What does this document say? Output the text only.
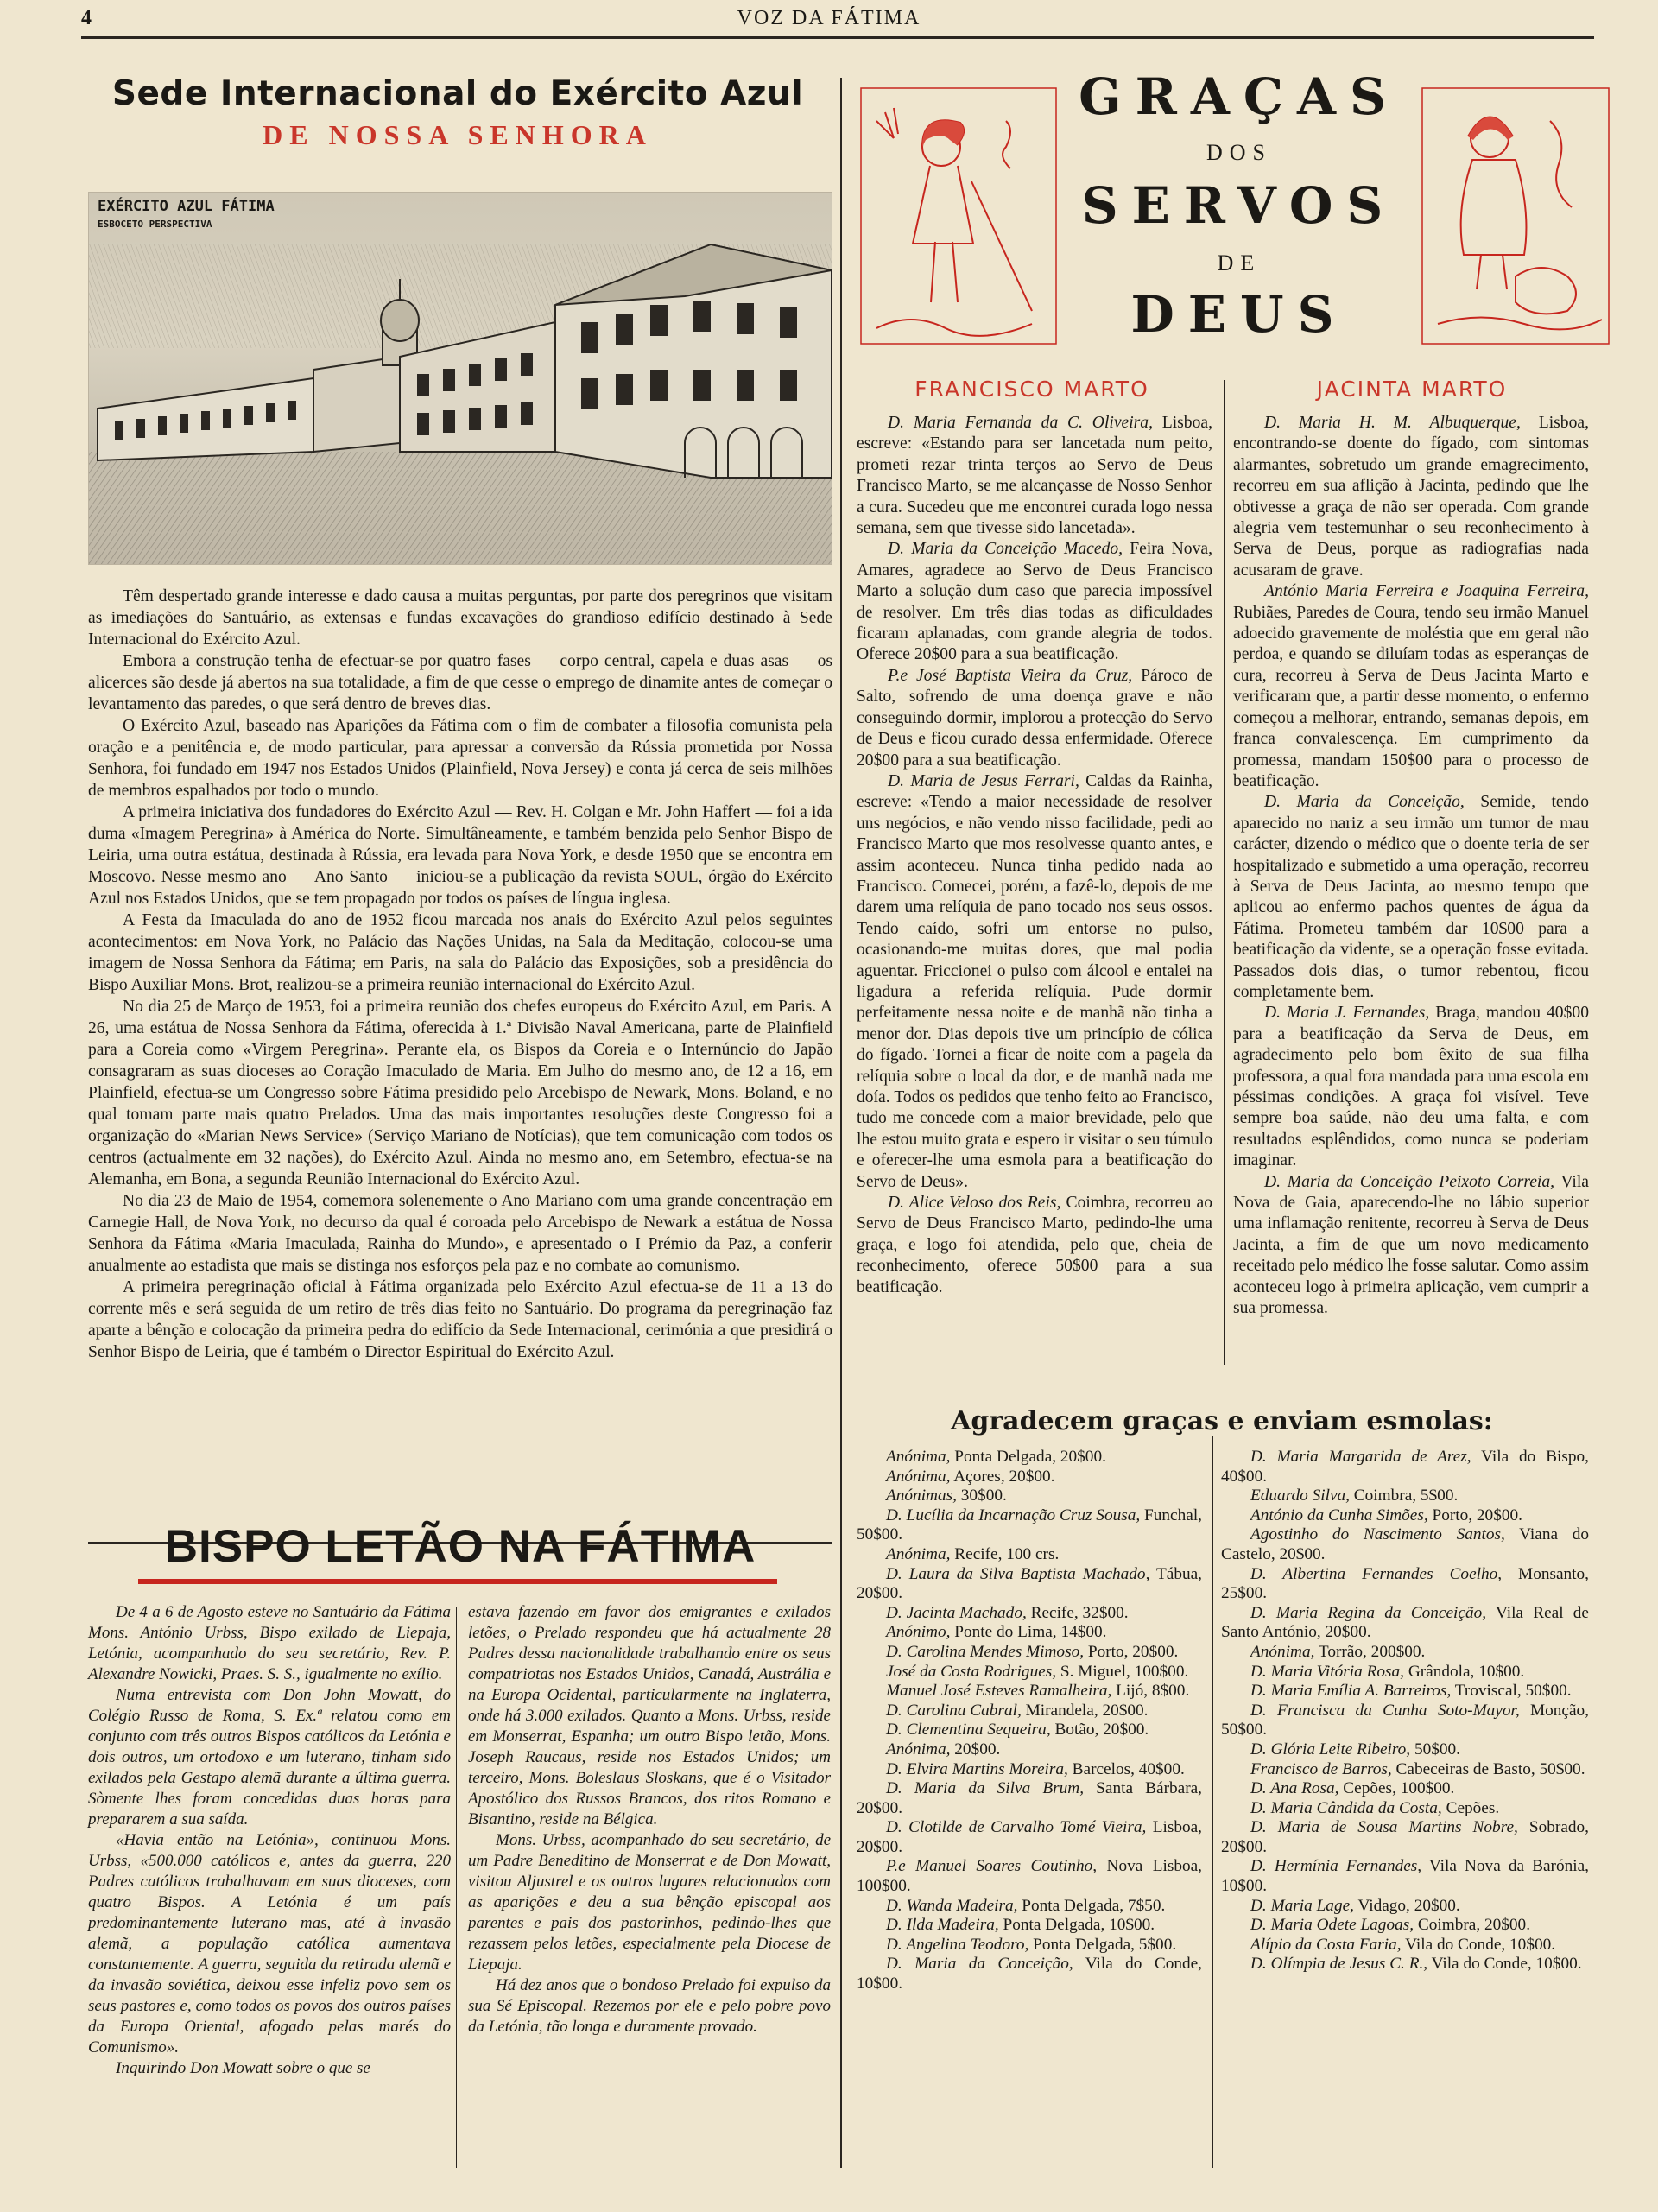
4	VOZ DA FÁTIMA
Sede Internacional do Exército Azul
DE NOSSA SENHORA
EXÉRCITO AZUL FÁTIMA
ESBOCETO PERSPECTIVA

Têm despertado grande interesse e dado causa a muitas perguntas, por parte dos peregrinos que visitam as imediações do Santuário, as extensas e fundas excavações do grandioso edifício destinado à Sede Internacional do Exército Azul.

Embora a construção tenha de efectuar-se por quatro fases — corpo central, capela e duas asas — os alicerces são desde já abertos na sua totalidade, a fim de que cesse o emprego de dinamite antes de começar o levantamento das paredes, o que será dentro de breves dias.

O Exército Azul, baseado nas Aparições da Fátima com o fim de combater a filosofia comunista pela oração e a penitência e, de modo particular, para apressar a conversão da Rússia prometida por Nossa Senhora, foi fundado em 1947 nos Estados Unidos (Plainfield, Nova Jersey) e conta já cerca de seis milhões de membros espalhados por todo o mundo.

A primeira iniciativa dos fundadores do Exército Azul — Rev. H. Colgan e Mr. John Haffert — foi a ida duma «Imagem Peregrina» à América do Norte. Simultâneamente, e também benzida pelo Senhor Bispo de Leiria, uma outra estátua, destinada à Rússia, era levada para Nova York, e desde 1950 que se encontra em Moscovo. Nesse mesmo ano — Ano Santo — iniciou-se a publicação da revista SOUL, órgão do Exército Azul nos Estados Unidos, que se tem propagado por todos os países de língua inglesa.

A Festa da Imaculada do ano de 1952 ficou marcada nos anais do Exército Azul pelos seguintes acontecimentos: em Nova York, no Palácio das Nações Unidas, na Sala da Meditação, colocou-se uma imagem de Nossa Senhora da Fátima; em Paris, na sala do Palácio das Exposições, sob a presidência do Bispo Auxiliar Mons. Brot, realizou-se a primeira reunião internacional do Exército Azul.

No dia 25 de Março de 1953, foi a primeira reunião dos chefes europeus do Exército Azul, em Paris. A 26, uma estátua de Nossa Senhora da Fátima, oferecida à 1.ª Divisão Naval Americana, parte de Plainfield para a Coreia como «Virgem Peregrina». Perante ela, os Bispos da Coreia e o Internúncio do Japão consagraram as suas dioceses ao Coração Imaculado de Maria. Em Julho do mesmo ano, de 12 a 16, em Plainfield, efectua-se um Congresso sobre Fátima presidido pelo Arcebispo de Newark, Mons. Boland, e no qual tomam parte mais quatro Prelados. Uma das mais importantes resoluções deste Congresso foi a organização do «Marian News Service» (Serviço Mariano de Notícias), que tem comunicação com todos os centros (actualmente em 32 nações), do Exército Azul. Ainda no mesmo ano, em Setembro, efectua-se na Alemanha, em Bona, a segunda Reunião Internacional do Exército Azul.

No dia 23 de Maio de 1954, comemora solenemente o Ano Mariano com uma grande concentração em Carnegie Hall, de Nova York, no decurso da qual é coroada pelo Arcebispo de Newark a estátua de Nossa Senhora da Fátima «Maria Imaculada, Rainha do Mundo», e apresentado o I Prémio da Paz, a conferir anualmente ao estadista que mais se distinga nos esforços pela paz e no combate ao comunismo.

A primeira peregrinação oficial à Fátima organizada pelo Exército Azul efectua-se de 11 a 13 do corrente mês e será seguida de um retiro de três dias feito no Santuário. Do programa da peregrinação faz aparte a bênção e colocação da primeira pedra do edifício da Sede Internacional, cerimónia a que presidirá o Senhor Bispo de Leiria, que é também o Director Espiritual do Exército Azul.

BISPO LETÃO NA FÁTIMA

De 4 a 6 de Agosto esteve no Santuário da Fátima Mons. António Urbss, Bispo exilado de Liepaja, Letónia, acompanhado do seu secretário, Rev. P. Alexandre Nowicki, Praes. S. S., igualmente no exílio.

Numa entrevista com Don John Mowatt, do Colégio Russo de Roma, S. Ex.ª relatou como em conjunto com três outros Bispos católicos da Letónia e dois outros, um ortodoxo e um luterano, tinham sido exilados pela Gestapo alemã durante a última guerra. Sòmente lhes foram concedidas duas horas para prepararem a sua saída.

«Havia então na Letónia», continuou Mons. Urbss, «500.000 católicos e, antes da guerra, 220 Padres católicos trabalhavam em suas dioceses, com quatro Bispos. A Letónia é um país predominantemente luterano mas, até à invasão alemã, a população católica aumentava constantemente. A guerra, seguida da retirada alemã e da invasão soviética, deixou esse infeliz povo sem os seus pastores e, como todos os povos dos outros países da Europa Oriental, afogado pelas marés do Comunismo».

Inquirindo Don Mowatt sobre o que se

estava fazendo em favor dos emigrantes e exilados letões, o Prelado respondeu que há actualmente 28 Padres dessa nacionalidade trabalhando entre os seus compatriotas nos Estados Unidos, Canadá, Austrália e na Europa Ocidental, particularmente na Inglaterra, onde há 3.000 exilados. Quanto a Mons. Urbss, reside em Monserrat, Espanha; um outro Bispo letão, Mons. Joseph Raucaus, reside nos Estados Unidos; um terceiro, Mons. Boleslaus Sloskans, que é o Visitador Apostólico dos Russos Brancos, dos ritos Romano e Bisantino, reside na Bélgica.

Mons. Urbss, acompanhado do seu secretário, de um Padre Beneditino de Monserrat e de Don Mowatt, visitou Aljustrel e os outros lugares relacionados com as aparições e deu a sua bênção episcopal aos parentes e pais dos pastorinhos, pedindo-lhes que rezassem pelos letões, especialmente pela Diocese de Liepaja.

Há dez anos que o bondoso Prelado foi expulso da sua Sé Episcopal. Rezemos por ele e pelo pobre povo da Letónia, tão longa e duramente provado.

GRAÇAS
DOS
SERVOS
DE
DEUS
FRANCISCO MARTO	JACINTA MARTO

D. Maria Fernanda da C. Oliveira, Lisboa, escreve: «Estando para ser lancetada num peito, prometi rezar trinta terços ao Servo de Deus Francisco Marto, se me alcançasse de Nosso Senhor a cura. Sucedeu que me encontrei curada logo nessa semana, sem que tivesse sido lancetada».

D. Maria da Conceição Macedo, Feira Nova, Amares, agradece ao Servo de Deus Francisco Marto a solução dum caso que parecia impossível de resolver. Em três dias todas as dificuldades ficaram aplanadas, com grande alegria de todos. Oferece 20$00 para a sua beatificação.

P.e José Baptista Vieira da Cruz, Pároco de Salto, sofrendo de uma doença grave e não conseguindo dormir, implorou a protecção do Servo de Deus e ficou curado dessa enfermidade. Oferece 20$00 para a sua beatificação.

D. Maria de Jesus Ferrari, Caldas da Rainha, escreve: «Tendo a maior necessidade de resolver uns negócios, e não vendo nisso facilidade, pedi ao Francisco Marto que mos resolvesse quanto antes, e assim aconteceu. Nunca tinha pedido nada ao Francisco. Comecei, porém, a fazê-lo, depois de me darem uma relíquia de pano tocado nos seus ossos. Tendo caído, sofri um entorse no pulso, ocasionando-me muitas dores, que mal podia aguentar. Friccionei o pulso com álcool e entalei na ligadura a referida relíquia. Pude dormir perfeitamente nessa noite e de manhã não tinha a menor dor. Dias depois tive um princípio de cólica do fígado. Tornei a ficar de noite com a pagela da relíquia sobre o local da dor, e de manhã nada me doía. Todos os pedidos que tenho feito ao Francisco, tudo me concede com a maior brevidade, pelo que lhe estou muito grata e espero ir visitar o seu túmulo e oferecer-lhe uma esmola para a beatificação do Servo de Deus».

D. Alice Veloso dos Reis, Coimbra, recorreu ao Servo de Deus Francisco Marto, pedindo-lhe uma graça, e logo foi atendida, pelo que, cheia de reconhecimento, oferece 50$00 para a sua beatificação.

D. Maria H. M. Albuquerque, Lisboa, encontrando-se doente do fígado, com sintomas alarmantes, sobretudo um grande emagrecimento, recorreu em sua aflição à Jacinta, pedindo que lhe obtivesse a graça de não ser operada. Com grande alegria vem testemunhar o seu reconhecimento à Serva de Deus, porque as radiografias nada acusaram de grave.

António Maria Ferreira e Joaquina Ferreira, Rubiães, Paredes de Coura, tendo seu irmão Manuel adoecido gravemente de moléstia que em geral não perdoa, e quando se diluíam todas as esperanças de cura, recorreu à Serva de Deus Jacinta Marto e verificaram que, a partir desse momento, o enfermo começou a melhorar, entrando, semanas depois, em franca convalescença. Em cumprimento da promessa, mandam 150$00 para o processo de beatificação.

D. Maria da Conceição, Semide, tendo aparecido no nariz a seu irmão um tumor de mau carácter, dizendo o médico que o doente teria de ser hospitalizado e submetido a uma operação, recorreu à Serva de Deus Jacinta, ao mesmo tempo que aplicou ao enfermo pachos quentes de água da Fátima. Prometeu também dar 10$00 para a beatificação da vidente, se a operação fosse evitada. Passados dois dias, o tumor rebentou, ficou completamente bem.

D. Maria J. Fernandes, Braga, mandou 40$00 para a beatificação da Serva de Deus, em agradecimento pelo bom êxito de sua filha professora, a qual fora mandada para uma escola em péssimas condições. A graça foi visível. Teve sempre boa saúde, não deu uma falta, e com resultados esplêndidos, como nunca se poderiam imaginar.

D. Maria da Conceição Peixoto Correia, Vila Nova de Gaia, aparecendo-lhe no lábio superior uma inflamação renitente, recorreu à Serva de Deus Jacinta, a fim de que um novo medicamento receitado pelo médico lhe fosse salutar. Como assim aconteceu logo à primeira aplicação, vem cumprir a sua promessa.

Agradecem graças e enviam esmolas:
Anónima, Ponta Delgada, 20$00.
Anónima, Açores, 20$00.
Anónimas, 30$00.
D. Lucília da Incarnação Cruz Sousa, Funchal, 50$00.
Anónima, Recife, 100 crs.
D. Laura da Silva Baptista Machado, Tábua, 20$00.
D. Jacinta Machado, Recife, 32$00.
Anónimo, Ponte do Lima, 14$00.
D. Carolina Mendes Mimoso, Porto, 20$00.
José da Costa Rodrigues, S. Miguel, 100$00.
Manuel José Esteves Ramalheira, Lijó, 8$00.
D. Carolina Cabral, Mirandela, 20$00.
D. Clementina Sequeira, Botão, 20$00.
Anónima, 20$00.
D. Elvira Martins Moreira, Barcelos, 40$00.
D. Maria da Silva Brum, Santa Bárbara, 20$00.
D. Clotilde de Carvalho Tomé Vieira, Lisboa, 20$00.
P.e Manuel Soares Coutinho, Nova Lisboa, 100$00.
D. Wanda Madeira, Ponta Delgada, 7$50.
D. Ilda Madeira, Ponta Delgada, 10$00.
D. Angelina Teodoro, Ponta Delgada, 5$00.
D. Maria da Conceição, Vila do Conde, 10$00.
D. Maria Margarida de Arez, Vila do Bispo, 40$00.
Eduardo Silva, Coimbra, 5$00.
António da Cunha Simões, Porto, 20$00.
Agostinho do Nascimento Santos, Viana do Castelo, 20$00.
D. Albertina Fernandes Coelho, Monsanto, 25$00.
D. Maria Regina da Conceição, Vila Real de Santo António, 20$00.
Anónima, Torrão, 200$00.
D. Maria Vitória Rosa, Grândola, 10$00.
D. Maria Emília A. Barreiros, Troviscal, 50$00.
D. Francisca da Cunha Soto-Mayor, Monção, 50$00.
D. Glória Leite Ribeiro, 50$00.
Francisco de Barros, Cabeceiras de Basto, 50$00.
D. Ana Rosa, Cepões, 100$00.
D. Maria Cândida da Costa, Cepões.
D. Maria de Sousa Martins Nobre, Sobrado, 20$00.
D. Hermínia Fernandes, Vila Nova da Barónia, 10$00.
D. Maria Lage, Vidago, 20$00.
D. Maria Odete Lagoas, Coimbra, 20$00.
Alípio da Costa Faria, Vila do Conde, 10$00.
D. Olímpia de Jesus C. R., Vila do Conde, 10$00.
